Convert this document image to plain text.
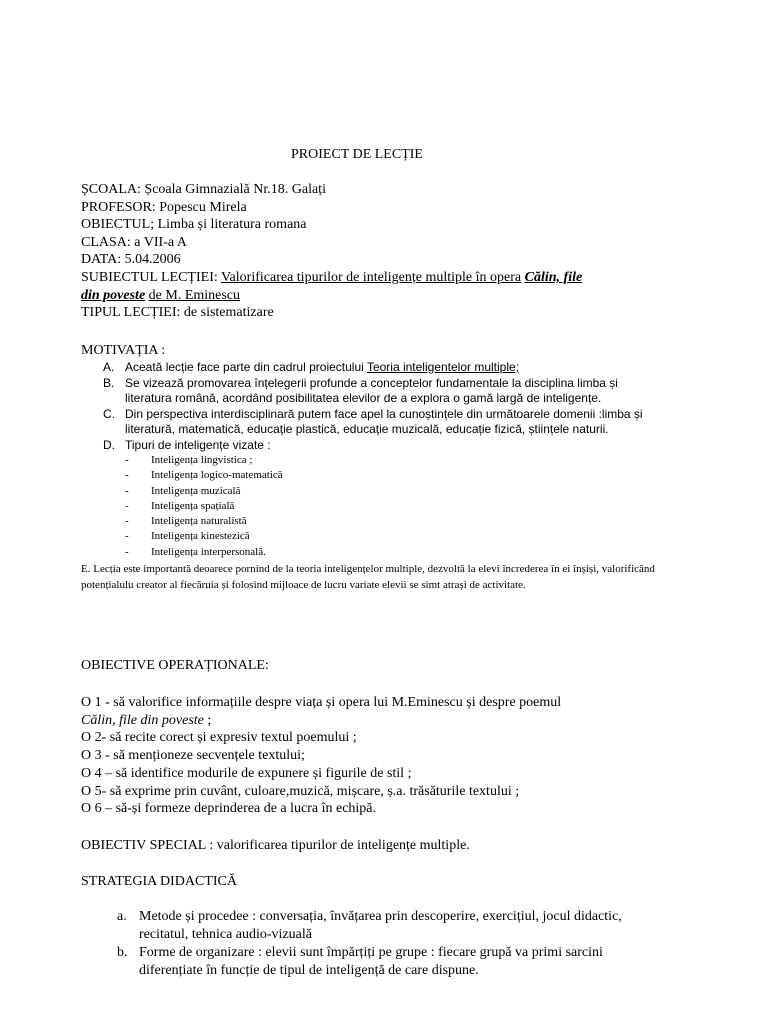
PROIECT DE LECȚIE
ȘCOALA: Școala Gimnazială Nr.18. Galați
PROFESOR: Popescu Mirela
OBIECTUL; Limba și literatura romana
CLASA: a VII-a A
DATA: 5.04.2006
SUBIECTUL LECȚIEI: Valorificarea tipurilor de inteligențe multiple în opera Călin, file
din poveste de M. Eminescu
TIPUL LECȚIEI: de sistematizare
MOTIVAȚIA :
A. Aceată lecție face parte din cadrul proiectului Teoria inteligentelor multiple;
B. Se vizează promovarea înțelegerii profunde a conceptelor fundamentale la disciplina limba și literatura română, acordând posibilitatea elevilor de a explora o gamă largă de inteligențe.
C. Din perspectiva interdisciplinară putem face apel la cunoștințele din următoarele domenii :limba și literatură, matematică, educație plastică, educație muzicală, educație fizică, științele naturii.
D. Tipuri de inteligențe vizate :
- Inteligența lingvistica ;
- Inteligența logico-matematică
- Inteligența muzicală
- Inteligența spațială
- Inteligența naturalistă
- Inteligența kinestezică
- Inteligența interpersonală.
E. Lecția este importantă deoarece pornind de la teoria inteligențelor multiple, dezvoltă la elevi încrederea în ei înșiși, valorificând potențialulu creator al fiecăruia și folosind mijloace de lucru variate elevii se simt atrași de activitate.
OBIECTIVE OPERAȚIONALE:
O 1 - să valorifice informațiile despre viața și opera lui M.Eminescu și despre poemul
Călin, file din poveste ;
O 2- să recite corect și expresiv textul poemului ;
O 3 - să menționeze secvențele textului;
O 4 – să identifice modurile de expunere și figurile de stil ;
O 5- să exprime prin cuvânt, culoare,muzică, mișcare, ș.a. trăsăturile textului ;
O 6 – să-și formeze deprinderea de a lucra în echipă.
OBIECTIV SPECIAL : valorificarea tipurilor de inteligențe multiple.
STRATEGIA DIDACTICĂ
a. Metode și procedee : conversația, învățarea prin descoperire, exercițiul, jocul didactic, recitatul, tehnica audio-vizuală
b. Forme de organizare : elevii sunt împărțiți pe grupe : fiecare grupă va primi sarcini diferențiate în funcție de tipul de inteligență de care dispune.
